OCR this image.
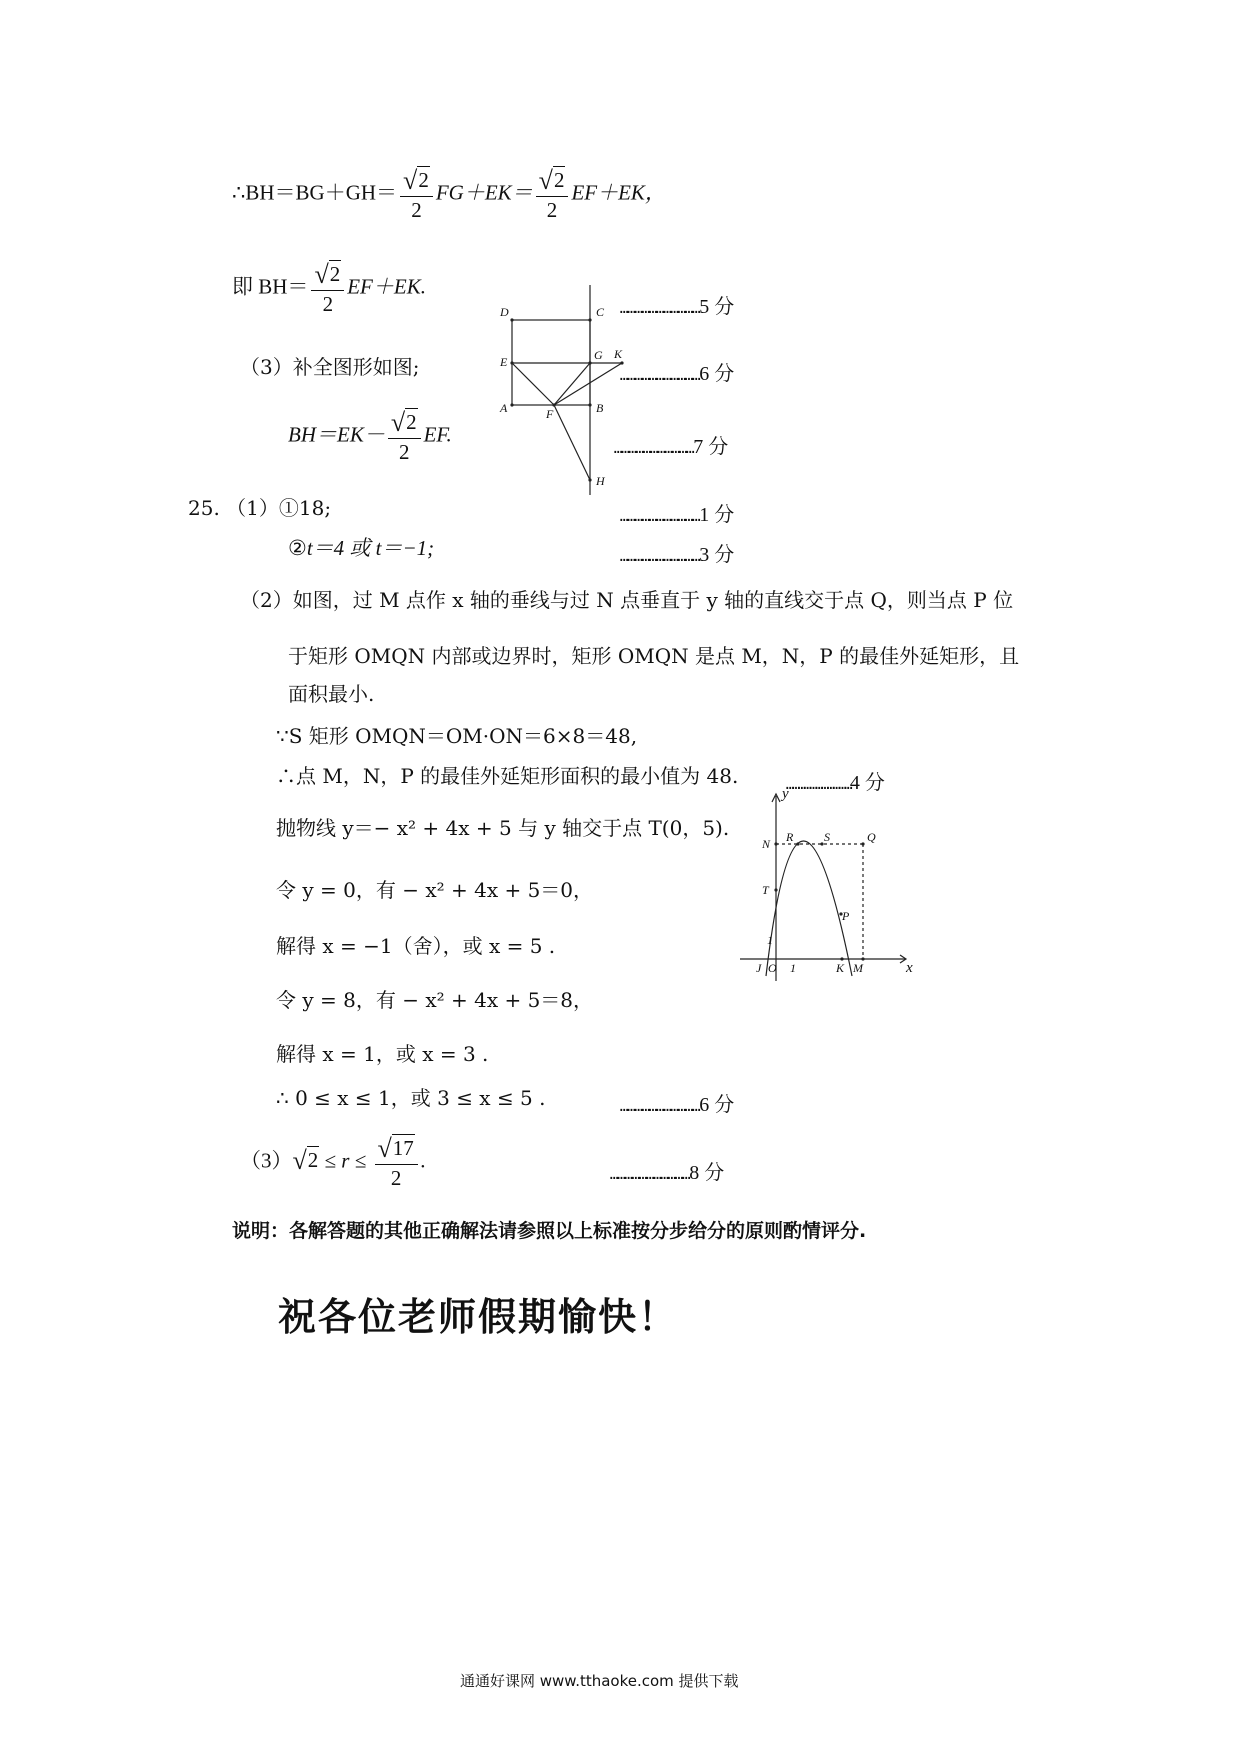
∴BH＝BG＋GH＝ $\frac{√2}{2} FG+EK= \frac{√2}{2} EF+EK$，
即 $BH= \frac{√2}{2} EF+EK$.
……………………………5 分
（3）补全图形如图;	……………………………6 分
$BH=EK- \frac{√2}{2}$ EF.
……………………………7 分
D	C
E	G K
A	F	B
H
25. （1）①18;	……………………………1 分
②t＝4 或 t＝−1;	……………………………3 分
（2）如图，过 M 点作 x 轴的垂线与过 N 点垂直于 y 轴的直线交于点 Q，则当点 P 位
于矩形 OMQN 内部或边界时，矩形 OMQN 是点 M，N，P 的最佳外延矩形，且
面积最小.
∵S 矩形 OMQN＝OM·ON＝6×8＝48,
∴点 M，N，P 的最佳外延矩形面积的最小值为 48.	……………………………4 分
抛物线 y＝− x² + 4x + 5 与 y 轴交于点 T(0，5).
令 y = 0，有 − x² + 4x + 5＝0，
解得 x = −1（舍），或 x = 5 .
令 y = 8，有 − x² + 4x + 5＝8，
解得 x = 1，或 x = 3 .
∴ 0 ≤ x ≤ 1，或 3 ≤ x ≤ 5 .	……………………………6 分
y
N R	S	Q
T
P
1
J O 1	K M	x
$(3)√2 \le r \le \frac{√17}{2}$ .
……………………………8 分
说明：各解答题的其他正确解法请参照以上标准按分步给分的原则酌情评分.
祝各位老师假期愉快！
通通好课网 www.tthaoke.com 提供下载
